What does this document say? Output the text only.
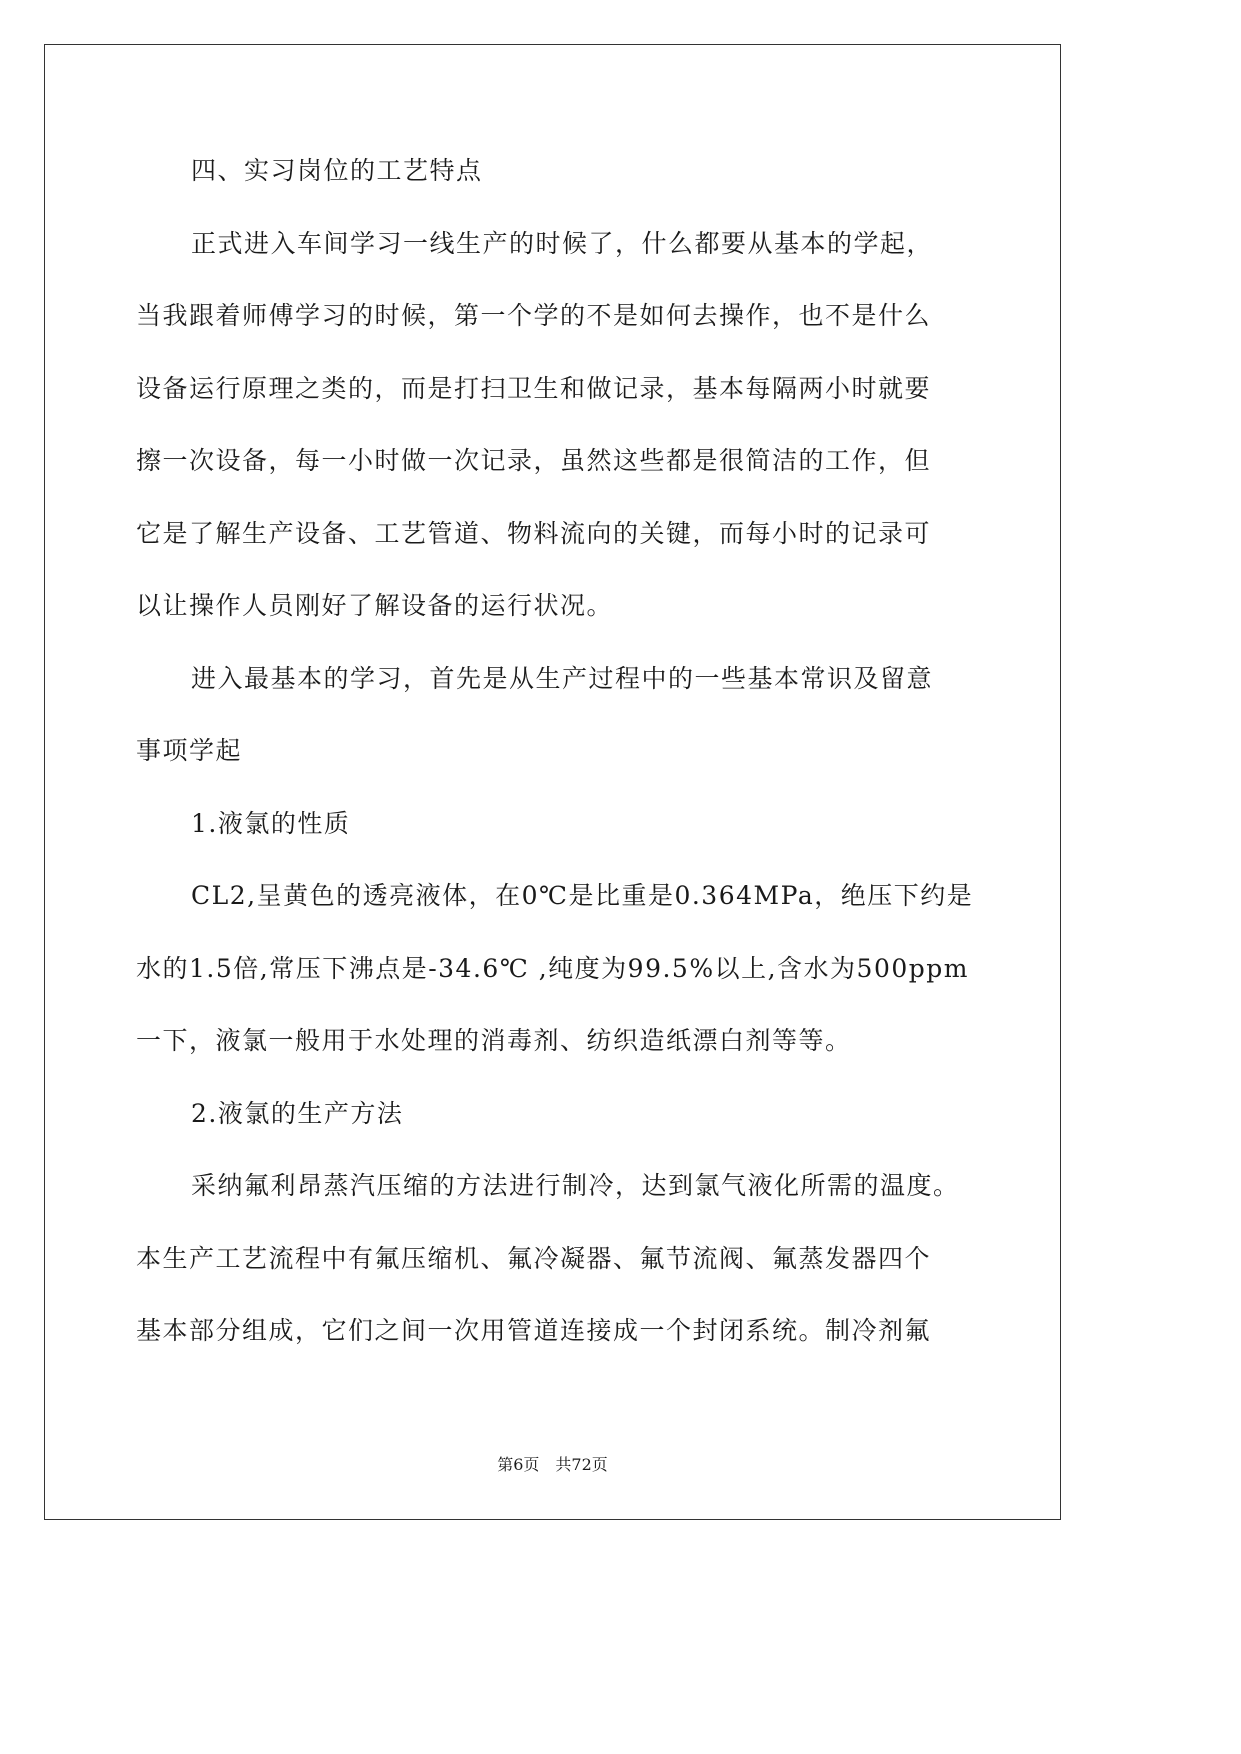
四、实习岗位的工艺特点
正式进入车间学习一线生产的时候了，什么都要从基本的学起，
当我跟着师傅学习的时候，第一个学的不是如何去操作，也不是什么
设备运行原理之类的，而是打扫卫生和做记录，基本每隔两小时就要
擦一次设备，每一小时做一次记录，虽然这些都是很简洁的工作，但
它是了解生产设备、工艺管道、物料流向的关键，而每小时的记录可
以让操作人员刚好了解设备的运行状况。
进入最基本的学习，首先是从生产过程中的一些基本常识及留意
事项学起
1.液氯的性质
CL2,呈黄色的透亮液体，在0℃是比重是0.364MPa，绝压下约是
水的1.5倍,常压下沸点是-34.6℃ ,纯度为99.5%以上,含水为500ppm
一下，液氯一般用于水处理的消毒剂、纺织造纸漂白剂等等。
2.液氯的生产方法
采纳氟利昂蒸汽压缩的方法进行制冷，达到氯气液化所需的温度。
本生产工艺流程中有氟压缩机、氟冷凝器、氟节流阀、氟蒸发器四个
基本部分组成，它们之间一次用管道连接成一个封闭系统。制冷剂氟
第6页　共72页
